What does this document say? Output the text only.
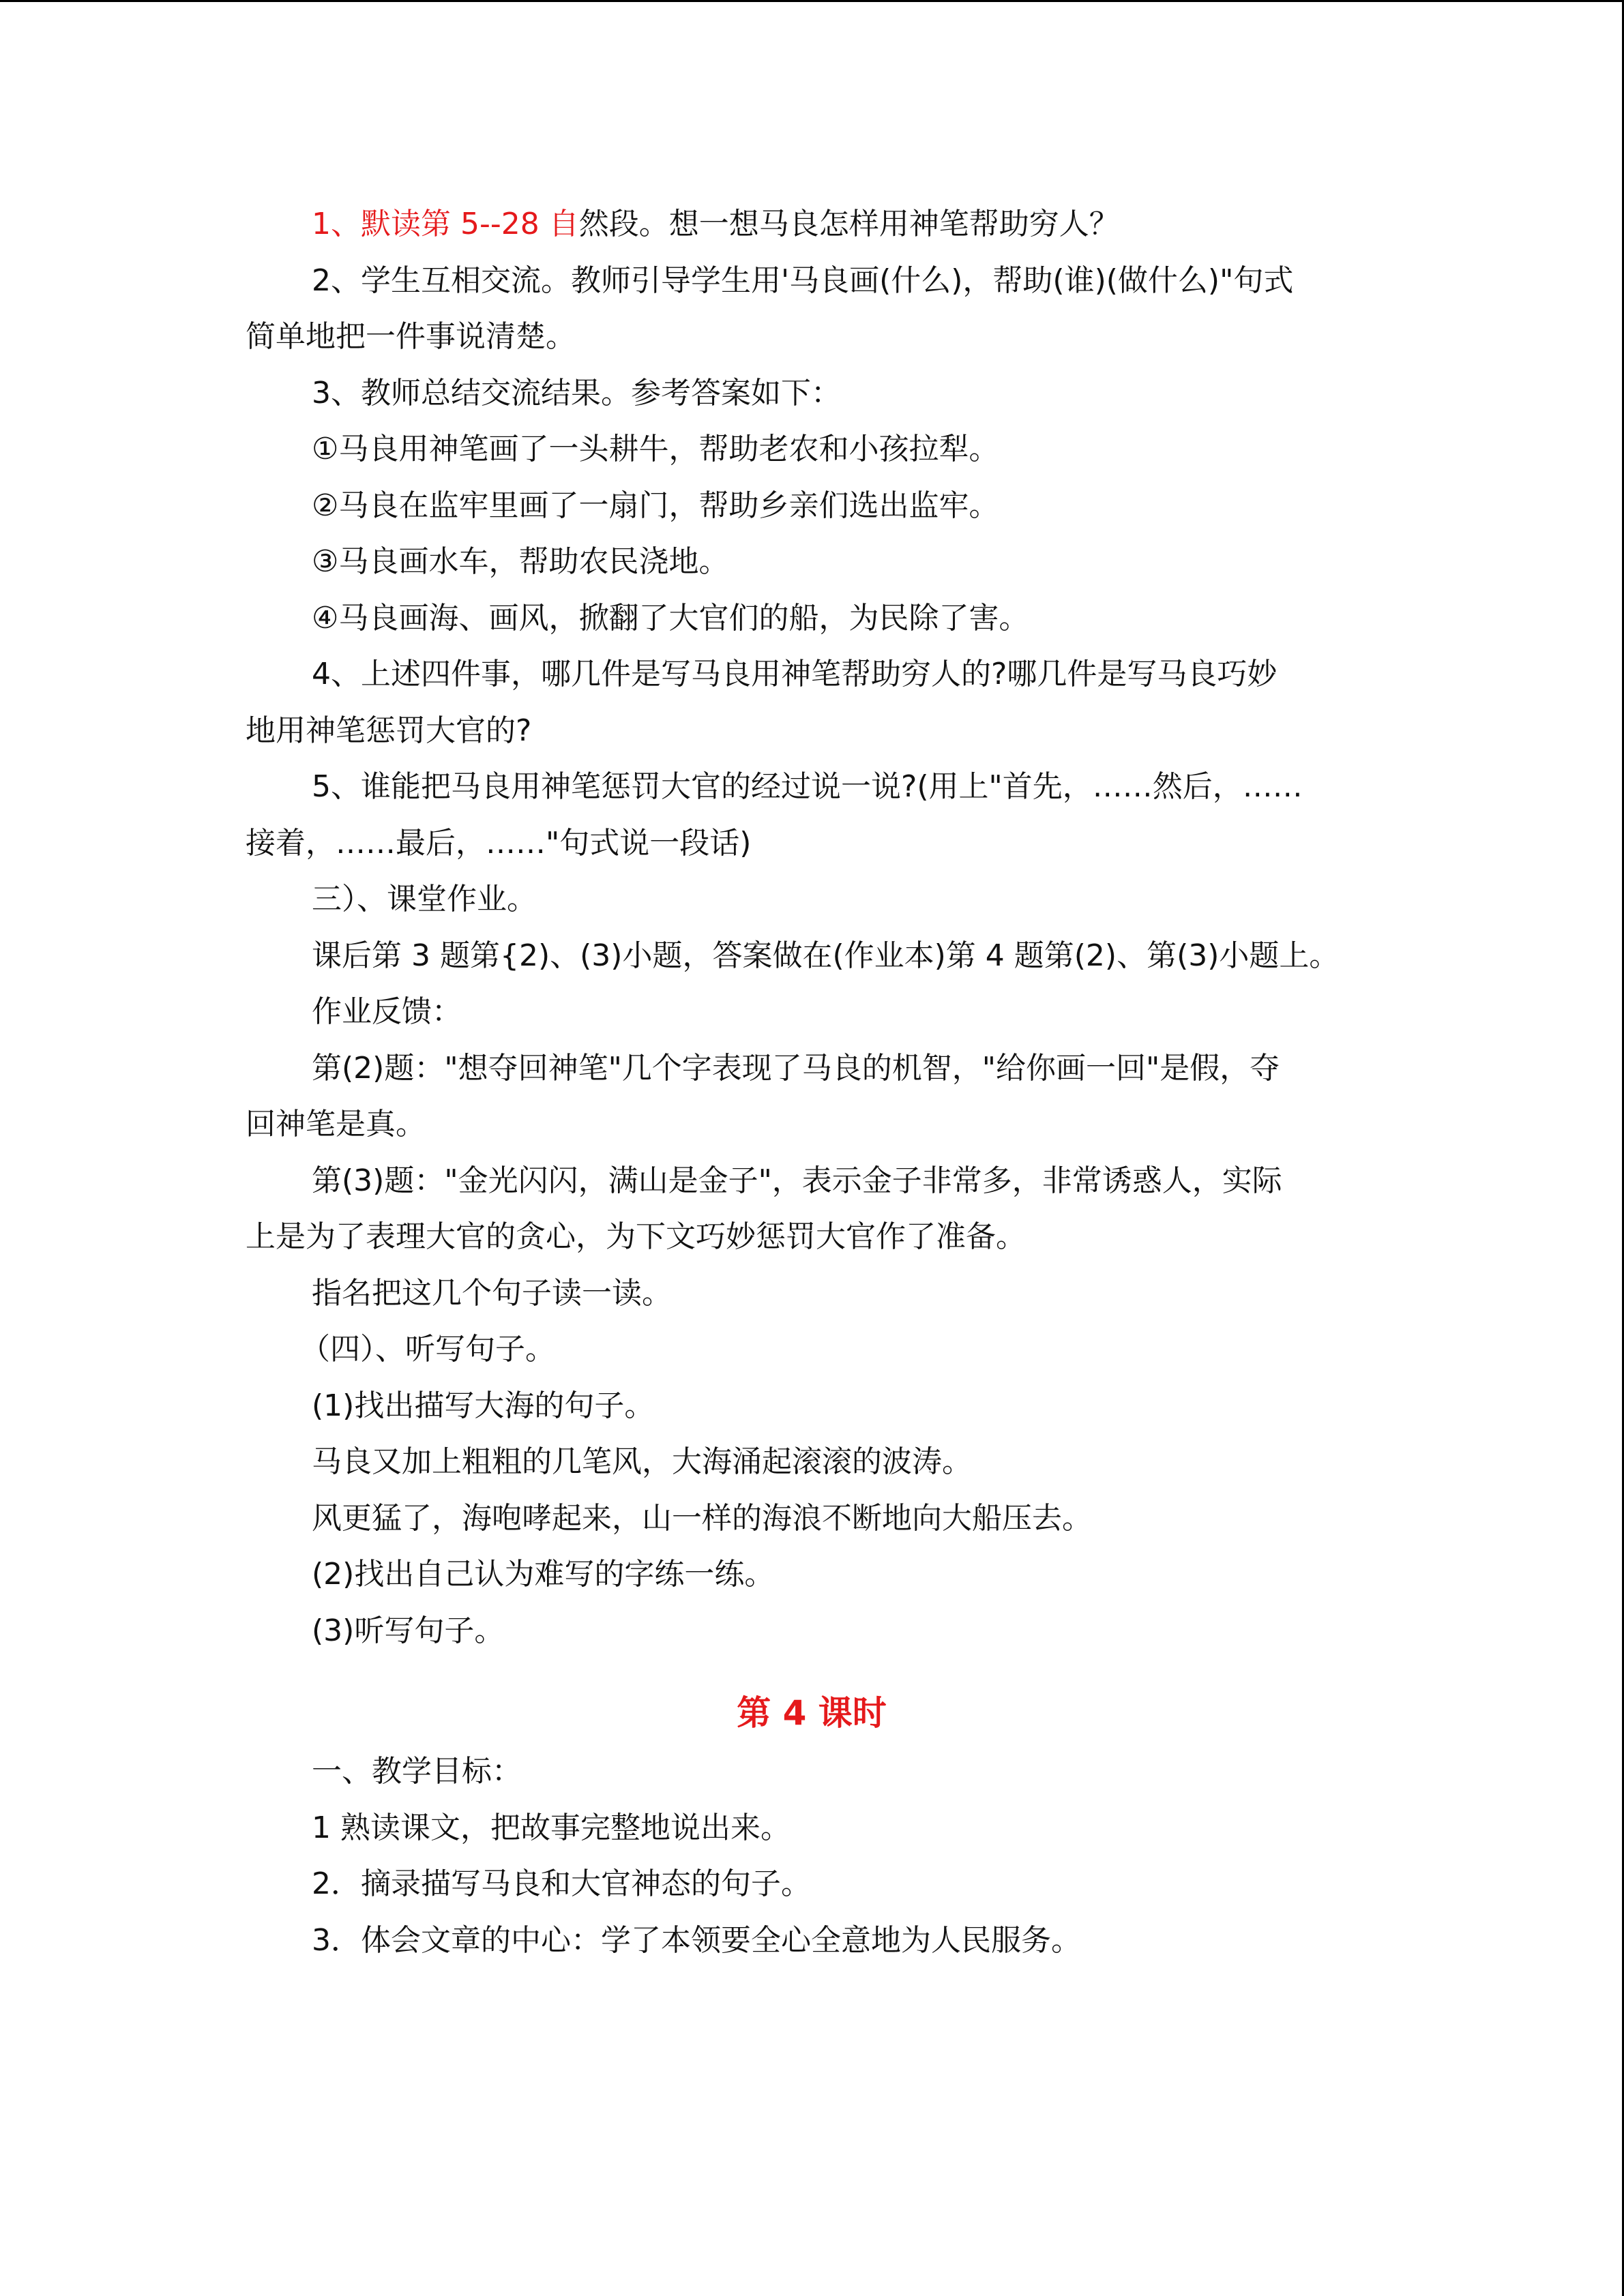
1、默读第 5--28 自然段。想一想马良怎样用神笔帮助穷人？

2、学生互相交流。教师引导学生用'马良画(什么)，帮助(谁)(做什么)"句式

简单地把一件事说清楚。

3、教师总结交流结果。参考答案如下：

①马良用神笔画了一头耕牛，帮助老农和小孩拉犁。

②马良在监牢里画了一扇门，帮助乡亲们选出监牢。

③马良画水车，帮助农民浇地。

④马良画海、画风，掀翻了大官们的船，为民除了害。

4、上述四件事，哪几件是写马良用神笔帮助穷人的?哪几件是写马良巧妙

地用神笔惩罚大官的?

5、谁能把马良用神笔惩罚大官的经过说一说?(用上"首先，……然后，……

接着，……最后，……"句式说一段话)

三）、课堂作业。

课后第 3 题第{2)、(3)小题，答案做在(作业本)第 4 题第(2)、第(3)小题上。

作业反馈：

第(2)题："想夺回神笔"几个字表现了马良的机智，"给你画一回"是假，夺

回神笔是真。

第(3)题："金光闪闪，满山是金子"，表示金子非常多，非常诱惑人，实际

上是为了表理大官的贪心，为下文巧妙惩罚大官作了准备。

指名把这几个句子读一读。

（四）、听写句子。

(1)找出描写大海的句子。

马良又加上粗粗的几笔风，大海涌起滚滚的波涛。

风更猛了，海咆哮起来，山一样的海浪不断地向大船压去。

(2)找出自己认为难写的字练一练。

(3)听写句子。

第 4 课时

一、教学目标：

1 熟读课文，把故事完整地说出来。

2．摘录描写马良和大官神态的句子。

3．体会文章的中心：学了本领要全心全意地为人民服务。
